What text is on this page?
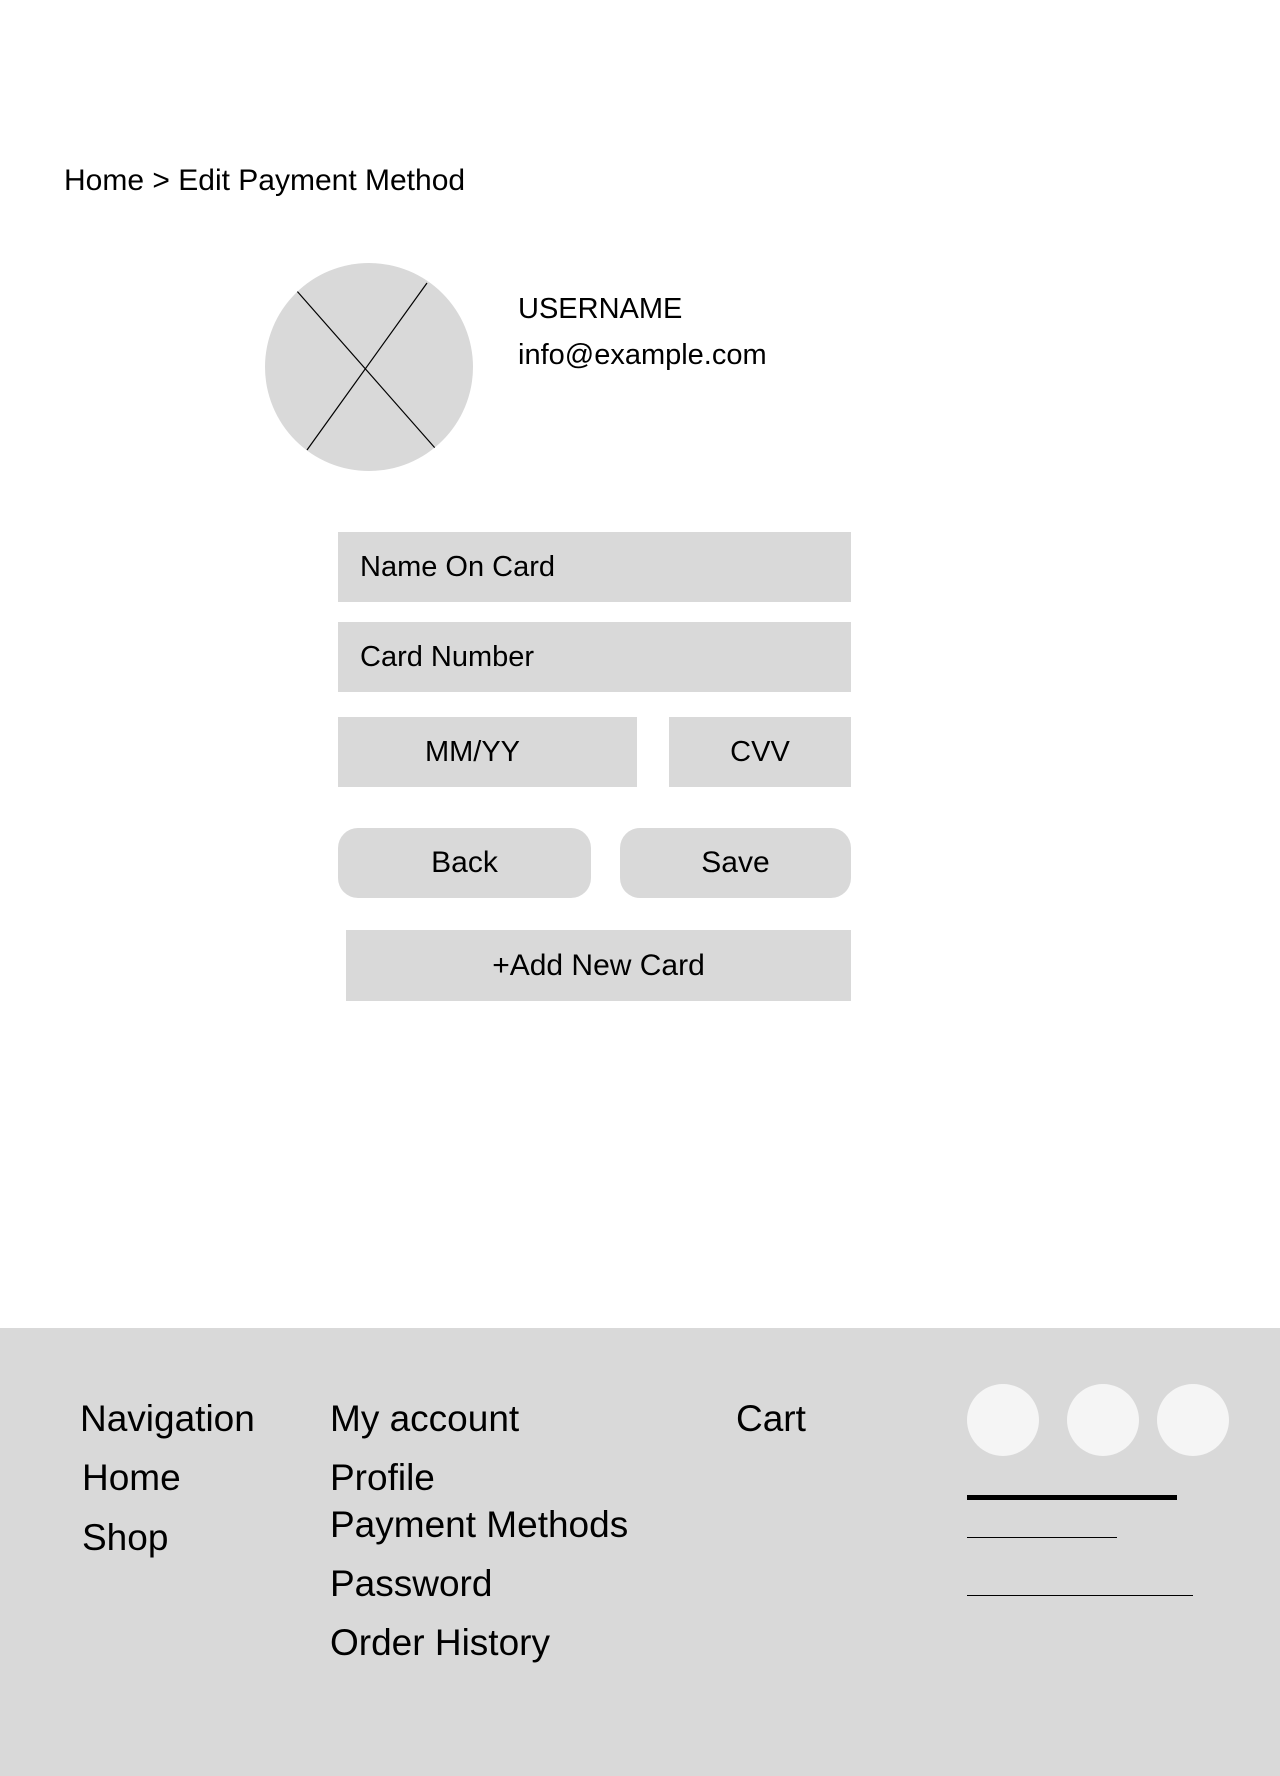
Home > Edit Payment Method
USERNAME
info@example.com
Name On Card
Card Number
MM/YY
CVV
Back	Save
+Add New Card
Navigation
Home
Shop
My account
Profile
Payment Methods
Password
Order History
Cart
